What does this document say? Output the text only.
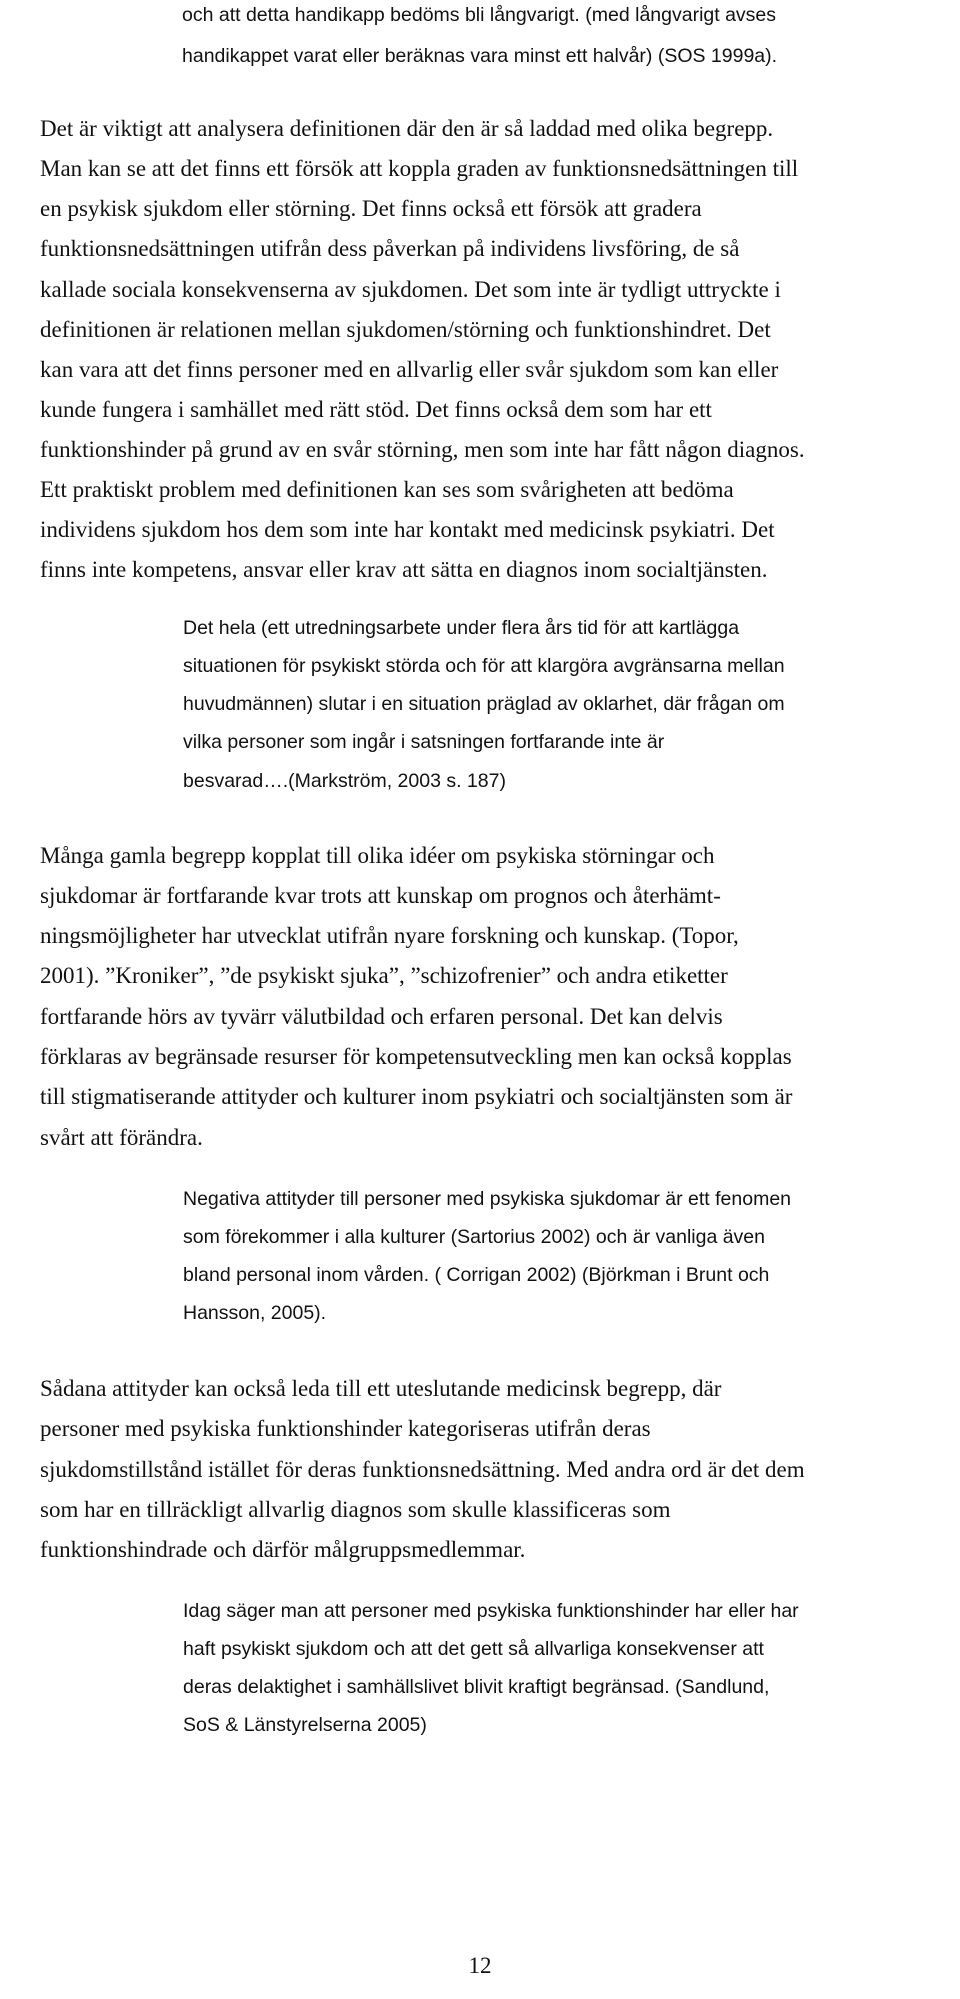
och att detta handikapp bedöms bli långvarigt. (med långvarigt avses

handikappet varat eller beräknas vara minst ett halvår) (SOS 1999a).

Det är viktigt att analysera definitionen där den är så laddad med olika begrepp.

Man kan se att det finns ett försök att koppla graden av funktionsnedsättningen till

en psykisk sjukdom eller störning. Det finns också ett försök att gradera

funktionsnedsättningen utifrån dess påverkan på individens livsföring, de så

kallade sociala konsekvenserna av sjukdomen. Det som inte är tydligt uttryckte i

definitionen är relationen mellan sjukdomen/störning och funktionshindret. Det

kan vara att det finns personer med en allvarlig eller svår sjukdom som kan eller

kunde fungera i samhället med rätt stöd. Det finns också dem som har ett

funktionshinder på grund av en svår störning, men som inte har fått någon diagnos.

Ett praktiskt problem med definitionen kan ses som svårigheten att bedöma

individens sjukdom hos dem som inte har kontakt med medicinsk psykiatri. Det

finns inte kompetens, ansvar eller krav att sätta en diagnos inom socialtjänsten.

Det hela (ett utredningsarbete under flera års tid för att kartlägga

situationen för psykiskt störda och för att klargöra avgränsarna mellan

huvudmännen) slutar i en situation präglad av oklarhet, där frågan om

vilka personer som ingår i satsningen fortfarande inte är

besvarad….(Markström, 2003 s. 187)

Många gamla begrepp kopplat till olika idéer om psykiska störningar och

sjukdomar är fortfarande kvar trots att kunskap om prognos och återhämt-

ningsmöjligheter har utvecklat utifrån nyare forskning och kunskap. (Topor,

2001). ”Kroniker”, ”de psykiskt sjuka”, ”schizofrenier” och andra etiketter

fortfarande hörs av tyvärr välutbildad och erfaren personal. Det kan delvis

förklaras av begränsade resurser för kompetensutveckling men kan också kopplas

till stigmatiserande attityder och kulturer inom psykiatri och socialtjänsten som är

svårt att förändra.

Negativa attityder till personer med psykiska sjukdomar är ett fenomen

som förekommer i alla kulturer (Sartorius 2002) och är vanliga även

bland personal inom vården. ( Corrigan 2002) (Björkman i Brunt och

Hansson, 2005).

Sådana attityder kan också leda till ett uteslutande medicinsk begrepp, där

personer med psykiska funktionshinder kategoriseras utifrån deras

sjukdomstillstånd istället för deras funktionsnedsättning. Med andra ord är det dem

som har en tillräckligt allvarlig diagnos som skulle klassificeras som

funktionshindrade och därför målgruppsmedlemmar.

Idag säger man att personer med psykiska funktionshinder har eller har

haft psykiskt sjukdom och att det gett så allvarliga konsekvenser att

deras delaktighet i samhällslivet blivit kraftigt begränsad. (Sandlund,

SoS & Länstyrelserna 2005)

12
